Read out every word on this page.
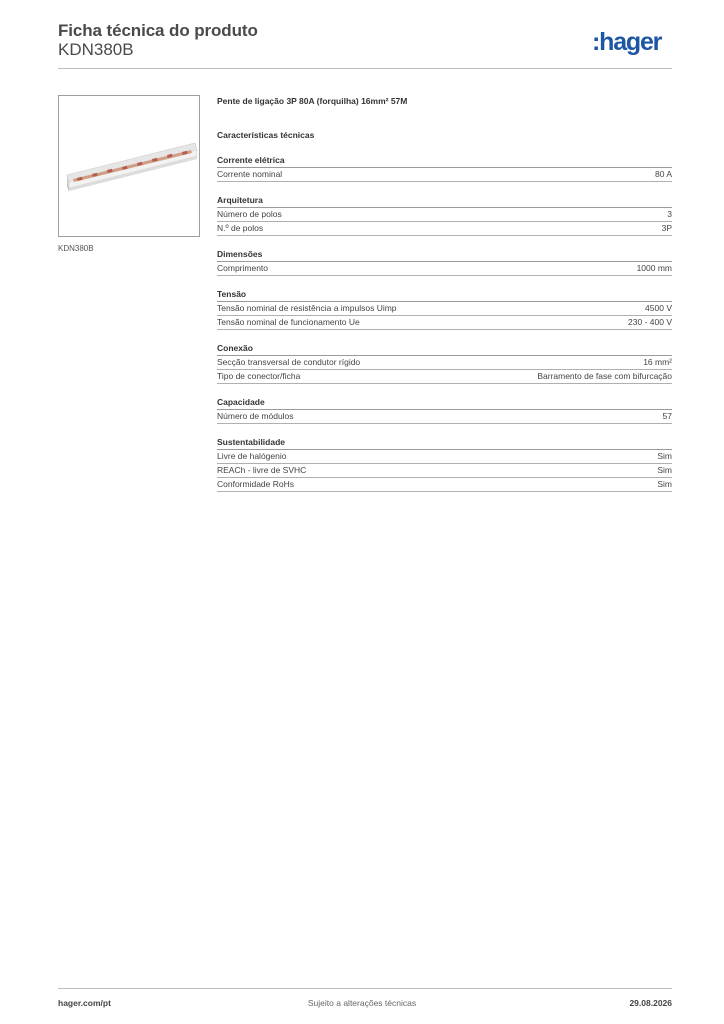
Ficha técnica do produto
KDN380B	:hager
KDN380B
Pente de ligação 3P 80A (forquilha) 16mm² 57M
Características técnicas
Corrente elétrica
Corrente nominal	80 A
Arquitetura
Número de polos	3
N.º de polos	3P
Dimensões
Comprimento	1000 mm
Tensão
Tensão nominal de resistência a impulsos Uimp	4500 V
Tensão nominal de funcionamento Ue	230 - 400 V
Conexão
Secção transversal de condutor rígido	16 mm²
Tipo de conector/ficha	Barramento de fase com bifurcação
Capacidade
Número de módulos	57
Sustentabilidade
Livre de halógenio	Sim
REACh - livre de SVHC	Sim
Conformidade RoHs	Sim
hager.com/pt	Sujeito a alterações técnicas	29.08.2026
